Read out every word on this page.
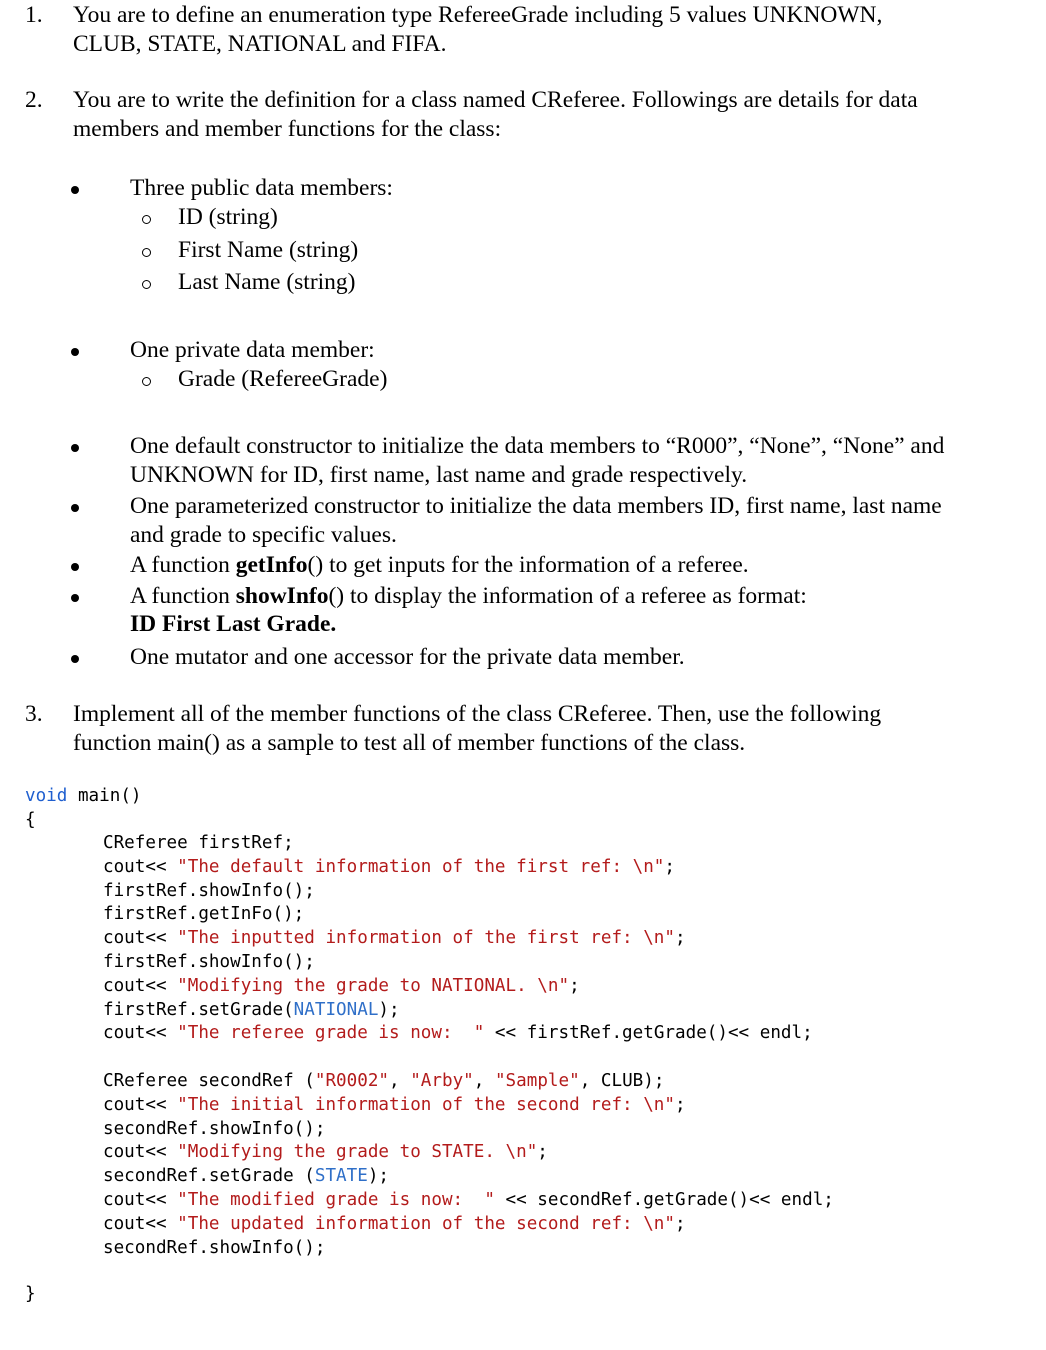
1. You are to define an enumeration type RefereeGrade including 5 values UNKNOWN,
CLUB, STATE, NATIONAL and FIFA.
2. You are to write the definition for a class named CReferee. Followings are details for data
members and member functions for the class:
Three public data members:
ID (string)
First Name (string)
Last Name (string)
One private data member:
Grade (RefereeGrade)
One default constructor to initialize the data members to “R000”, “None”, “None” and
UNKNOWN for ID, first name, last name and grade respectively.
One parameterized constructor to initialize the data members ID, first name, last name
and grade to specific values.
A function getInfo() to get inputs for the information of a referee.
A function showInfo() to display the information of a referee as format:
ID First Last Grade.
One mutator and one accessor for the private data member.
3. Implement all of the member functions of the class CReferee. Then, use the following
function main() as a sample to test all of member functions of the class.

void main()

{

CReferee firstRef;
cout<< "The default information of the first ref: \n";
firstRef.showInfo();
firstRef.getInFo();
cout<< "The inputted information of the first ref: \n";
firstRef.showInfo();
cout<< "Modifying the grade to NATIONAL. \n";
firstRef.setGrade(NATIONAL);
cout<< "The referee grade is now:  " << firstRef.getGrade()<< endl;

CReferee secondRef ("R0002", "Arby", "Sample", CLUB);
cout<< "The initial information of the second ref: \n";
secondRef.showInfo();
cout<< "Modifying the grade to STATE. \n";
secondRef.setGrade (STATE);
cout<< "The modified grade is now:  " << secondRef.getGrade()<< endl;
cout<< "The updated information of the second ref: \n";
secondRef.showInfo();

}
